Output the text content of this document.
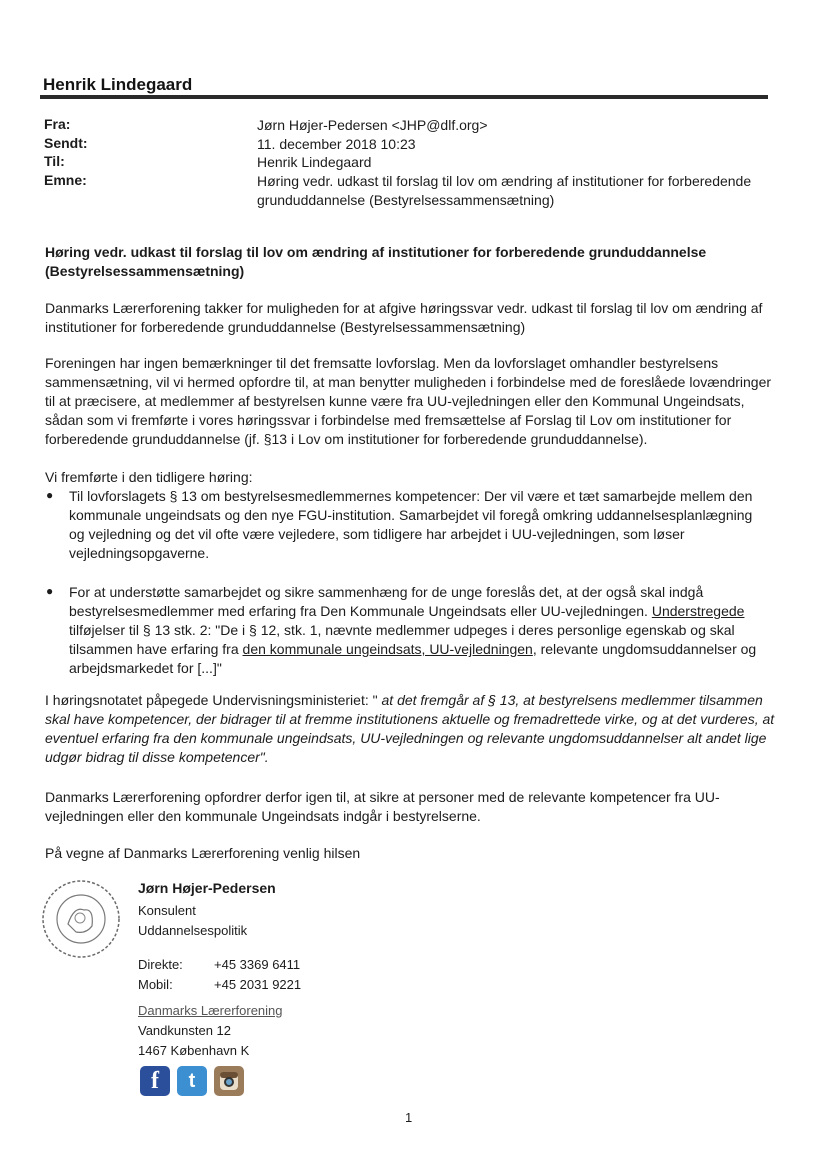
Henrik Lindegaard
Fra:	Jørn Højer-Pedersen <JHP@dlf.org>
Sendt:	11. december 2018 10:23
Til:	Henrik Lindegaard
Emne:	Høring vedr. udkast til forslag til lov om ændring af institutioner for forberedende grunduddannelse (Bestyrelsessammensætning)
Høring vedr. udkast til forslag til lov om ændring af institutioner for forberedende grunduddannelse (Bestyrelsessammensætning)
Danmarks Lærerforening takker for muligheden for at afgive høringssvar vedr. udkast til forslag til lov om ændring af institutioner for forberedende grunduddannelse (Bestyrelsessammensætning)
Foreningen har ingen bemærkninger til det fremsatte lovforslag. Men da lovforslaget omhandler bestyrelsens sammensætning, vil vi hermed opfordre til, at man benytter muligheden i forbindelse med de foreslåede lovændringer til at præcisere, at medlemmer af bestyrelsen kunne være fra UU-vejledningen eller den Kommunal Ungeindsats, sådan som vi fremførte i vores høringssvar i forbindelse med fremsættelse af Forslag til Lov om institutioner for forberedende grunduddannelse (jf. §13 i Lov om institutioner for forberedende grunduddannelse).
Vi fremførte i den tidligere høring:
● Til lovforslagets § 13 om bestyrelsesmedlemmernes kompetencer: Der vil være et tæt samarbejde mellem den kommunale ungeindsats og den nye FGU-institution. Samarbejdet vil foregå omkring uddannelsesplanlægning og vejledning og det vil ofte være vejledere, som tidligere har arbejdet i UU-vejledningen, som løser vejledningsopgaverne.
● For at understøtte samarbejdet og sikre sammenhæng for de unge foreslås det, at der også skal indgå bestyrelsesmedlemmer med erfaring fra Den Kommunale Ungeindsats eller UU-vejledningen. Understregede tilføjelser til § 13 stk. 2: "De i § 12, stk. 1, nævnte medlemmer udpeges i deres personlige egenskab og skal tilsammen have erfaring fra den kommunale ungeindsats, UU-vejledningen, relevante ungdomsuddannelser og arbejdsmarkedet for [...]"
I høringsnotatet påpegede Undervisningsministeriet: " at det fremgår af § 13, at bestyrelsens medlemmer tilsammen skal have kompetencer, der bidrager til at fremme institutionens aktuelle og fremadrettede virke, og at det vurderes, at eventuel erfaring fra den kommunale ungeindsats, UU-vejledningen og relevante ungdomsuddannelser alt andet lige udgør bidrag til disse kompetencer".
Danmarks Lærerforening opfordrer derfor igen til, at sikre at personer med de relevante kompetencer fra UU-vejledningen eller den kommunale Ungeindsats indgår i bestyrelserne.
På vegne af Danmarks Lærerforening venlig hilsen
Jørn Højer-Pedersen
Konsulent
Uddannelsespolitik
Direkte: +45 3369 6411
Mobil:	+45 2031 9221
Danmarks Lærerforening
Vandkunsten 12
1467 København K
f	t
1
